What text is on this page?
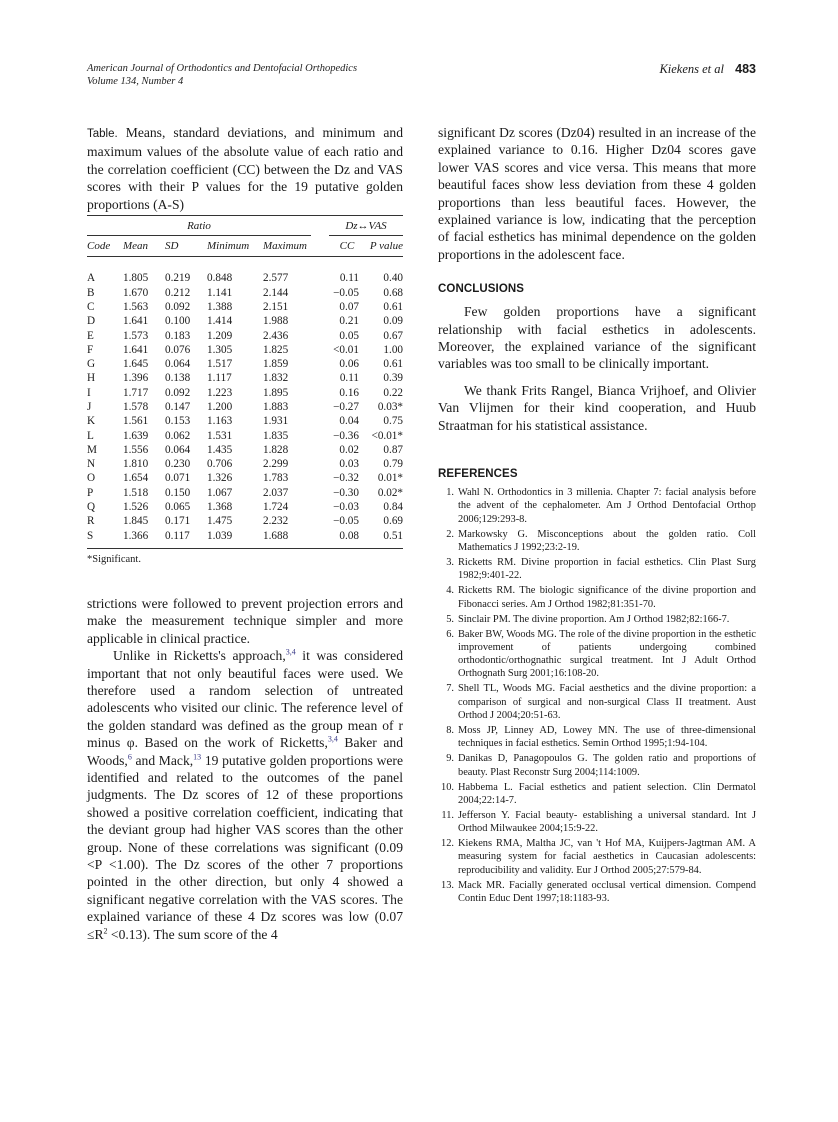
American Journal of Orthodontics and Dentofacial Orthopedics
Volume 134, Number 4
Kiekens et al 483
Table. Means, standard deviations, and minimum and maximum values of the absolute value of each ratio and the correlation coefficient (CC) between the Dz and VAS scores with their P values for the 19 putative golden proportions (A-S)
Ratio					Dz↔VAS	

Code	Mean	SD	Minimum	Maximum	CC	P value

A	1.805	0.219	0.848	2.577	0.11	0.40
B	1.670	0.212	1.141	2.144	−0.05	0.68
C	1.563	0.092	1.388	2.151	0.07	0.61
D	1.641	0.100	1.414	1.988	0.21	0.09
E	1.573	0.183	1.209	2.436	0.05	0.67
F	1.641	0.076	1.305	1.825	<0.01	1.00
G	1.645	0.064	1.517	1.859	0.06	0.61
H	1.396	0.138	1.117	1.832	0.11	0.39
I	1.717	0.092	1.223	1.895	0.16	0.22
J	1.578	0.147	1.200	1.883	−0.27	0.03*
K	1.561	0.153	1.163	1.931	0.04	0.75
L	1.639	0.062	1.531	1.835	−0.36	<0.01*
M	1.556	0.064	1.435	1.828	0.02	0.87
N	1.810	0.230	0.706	2.299	0.03	0.79
O	1.654	0.071	1.326	1.783	−0.32	0.01*
P	1.518	0.150	1.067	2.037	−0.30	0.02*
Q	1.526	0.065	1.368	1.724	−0.03	0.84
R	1.845	0.171	1.475	2.232	−0.05	0.69
S	1.366	0.117	1.039	1.688	0.08	0.51
*Significant.

strictions were followed to prevent projection errors and make the measurement technique simpler and more applicable in clinical practice.

Unlike in Ricketts's approach,$^{3,4}$ it was considered important that not only beautiful faces were used. We therefore used a random selection of untreated adolescents who visited our clinic. The reference level of the golden standard was defined as the group mean of r minus φ. Based on the work of Ricketts,$^{3,4}$ Baker and Woods,$^6$ and Mack,$^{13}$ 19 putative golden proportions were identified and related to the outcomes of the panel judgments. The Dz scores of 12 of these proportions showed a positive correlation coefficient, indicating that the deviant group had higher VAS scores than the other group. None of these correlations was significant (0.09 <P <1.00). The Dz scores of the other 7 proportions pointed in the other direction, but only 4 showed a significant negative correlation with the VAS scores. The explained variance of these 4 Dz scores was low $(0.07 \le R^2 <0.13)$. The sum score of the 4

significant Dz scores (Dz04) resulted in an increase of the explained variance to 0.16. Higher Dz04 scores gave lower VAS scores and vice versa. This means that more beautiful faces show less deviation from these 4 golden proportions than less beautiful faces. However, the explained variance is low, indicating that the perception of facial esthetics has minimal dependence on the golden proportions in the adolescent face.

CONCLUSIONS

Few golden proportions have a significant relationship with facial esthetics in adolescents. Moreover, the explained variance of the significant variables was too small to be clinically important.

We thank Frits Rangel, Bianca Vrijhoef, and Olivier Van Vlijmen for their kind cooperation, and Huub Straatman for his statistical assistance.

REFERENCES
1. Wahl N. Orthodontics in 3 millenia. Chapter 7: facial analysis before the advent of the cephalometer. Am J Orthod Dentofacial Orthop 2006;129:293-8.
2. Markowsky G. Misconceptions about the golden ratio. Coll Mathematics J 1992;23:2-19.
3. Ricketts RM. Divine proportion in facial esthetics. Clin Plast Surg 1982;9:401-22.
4. Ricketts RM. The biologic significance of the divine proportion and Fibonacci series. Am J Orthod 1982;81:351-70.
5. Sinclair PM. The divine proportion. Am J Orthod 1982;82:166-7.
6. Baker BW, Woods MG. The role of the divine proportion in the esthetic improvement of patients undergoing combined orthodontic/orthognathic surgical treatment. Int J Adult Orthod Orthognath Surg 2001;16:108-20.
7. Shell TL, Woods MG. Facial aesthetics and the divine proportion: a comparison of surgical and non-surgical Class II treatment. Aust Orthod J 2004;20:51-63.
8. Moss JP, Linney AD, Lowey MN. The use of three-dimensional techniques in facial esthetics. Semin Orthod 1995;1:94-104.
9. Danikas D, Panagopoulos G. The golden ratio and proportions of beauty. Plast Reconstr Surg 2004;114:1009.
10. Habbema L. Facial esthetics and patient selection. Clin Dermatol 2004;22:14-7.
11. Jefferson Y. Facial beauty- establishing a universal standard. Int J Orthod Milwaukee 2004;15:9-22.
12. Kiekens RMA, Maltha JC, van 't Hof MA, Kuijpers-Jagtman AM. A measuring system for facial aesthetics in Caucasian adolescents: reproducibility and validity. Eur J Orthod 2005;27:579-84.
13. Mack MR. Facially generated occlusal vertical dimension. Compend Contin Educ Dent 1997;18:1183-93.
